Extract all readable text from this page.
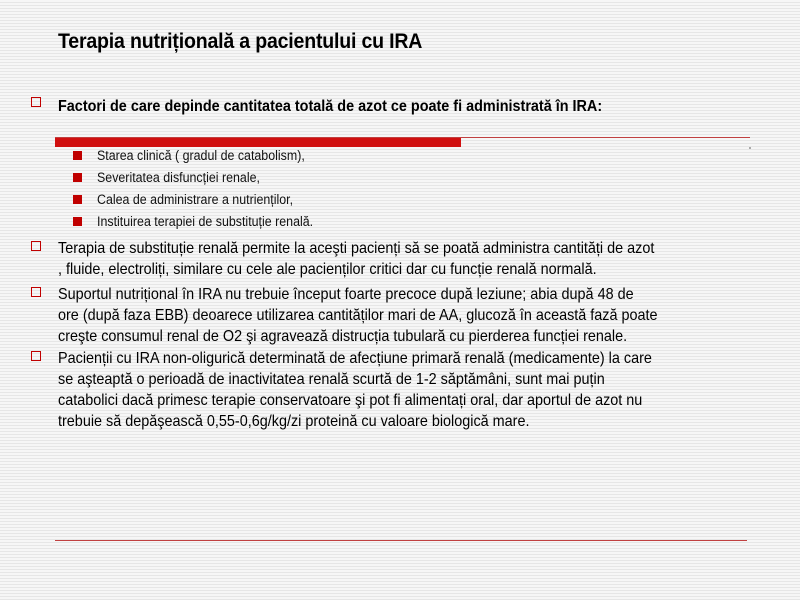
Terapia nutrițională a pacientului cu IRA
Factori de care depinde cantitatea totală de azot ce poate fi administrată în IRA:
Starea clinică ( gradul de catabolism),
Severitatea disfuncției renale,
Calea de administrare a nutrienților,
Instituirea terapiei de substituție renală.
Terapia de substituție renală permite la aceşti pacienți să se poată administra cantități de azot
, fluide, electroliți, similare cu cele ale pacienților critici dar cu funcție renală normală.
Suportul nutrițional în IRA nu trebuie început foarte precoce după leziune; abia după 48 de
ore (după faza EBB) deoarece utilizarea cantităților mari de AA, glucoză în această fază poate
creşte consumul renal de O2 şi agravează distrucția tubulară cu pierderea funcției renale.
Pacienții cu IRA non-oligurică determinată de afecțiune primară renală (medicamente) la care
se aşteaptă o perioadă de inactivitatea renală scurtă de 1-2 săptămâni, sunt mai puțin
catabolici dacă primesc terapie conservatoare şi pot fi alimentați oral, dar aportul de azot nu
trebuie să depăşească 0,55-0,6g/kg/zi proteină cu valoare biologică mare.
